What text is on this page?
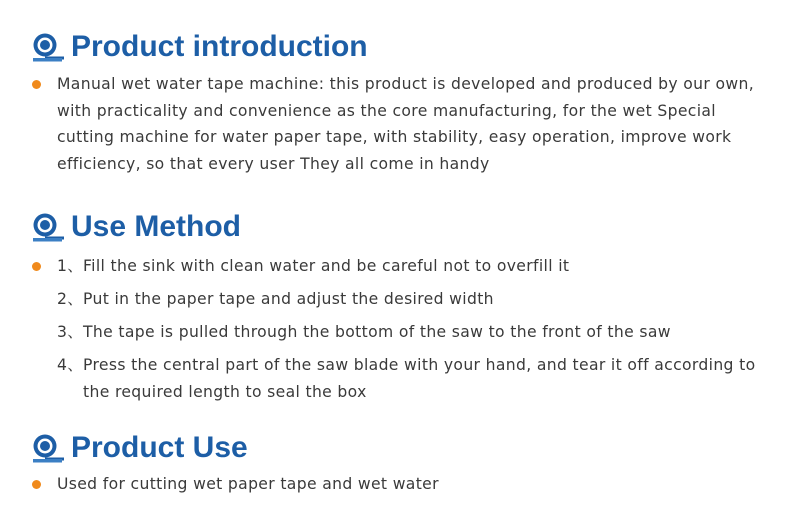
Product introduction
Manual wet water tape machine: this product is developed and produced by our own, with practicality and convenience as the core manufacturing, for the wet Special cutting machine for water paper tape, with stability, easy operation, improve work efficiency, so that every user They all come in handy
Use Method
1、 Fill the sink with clean water and be careful not to overfill it
2、 Put in the paper tape and adjust the desired width
3、 The tape is pulled through the bottom of the saw to the front of the saw
4、 Press the central part of the saw blade with your hand, and tear it off according to the required length to seal the box
Product Use
Used for cutting wet paper tape and wet water
